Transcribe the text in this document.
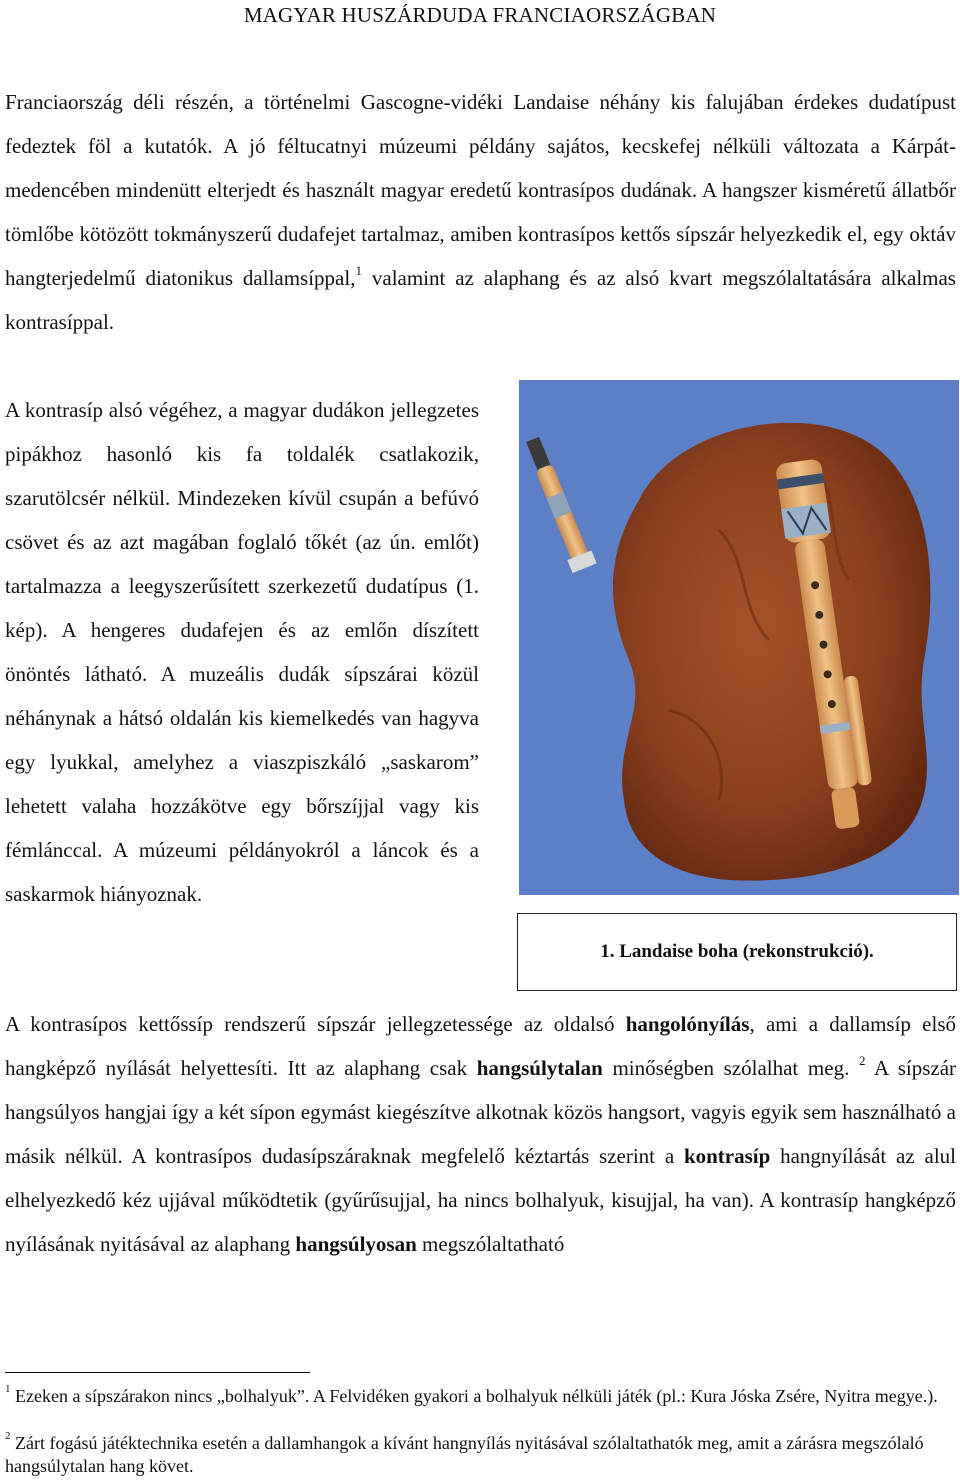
MAGYAR HUSZÁRDUDA FRANCIAORSZÁGBAN

Franciaország déli részén, a történelmi Gascogne-vidéki Landaise néhány kis falujában érdekes dudatípust fedeztek föl a kutatók. A jó féltucatnyi múzeumi példány sajátos, kecskefej nélküli változata a Kárpát-medencében mindenütt elterjedt és használt magyar eredetű kontrasípos dudának. A hangszer kisméretű állatbőr tömlőbe kötözött tokmányszerű dudafejet tartalmaz, amiben kontrasípos kettős sípszár helyezkedik el, egy oktáv hangterjedelmű diatonikus dallamsíppal,$^1$ valamint az alaphang és az alsó kvart megszólaltatására alkalmas kontrasíppal.

A kontrasíp alsó végéhez, a magyar dudákon jellegzetes pipákhoz hasonló kis fa toldalék csatlakozik, szarutölcsér nélkül. Mindezeken kívül csupán a befúvó csövet és az azt magában foglaló tőkét (az ún. emlőt) tartalmazza a leegyszerűsített szerkezetű dudatípus (1. kép). A hengeres dudafejen és az emlőn díszített önöntés látható. A muzeális dudák sípszárai közül néhánynak a hátsó oldalán kis kiemelkedés van hagyva egy lyukkal, amelyhez a viaszpiszkáló „saskarom” lehetett valaha hozzákötve egy bőrszíjjal vagy kis fémlánccal. A múzeumi példányokról a láncok és a saskarmok hiányoznak.

1. Landaise boha (rekonstrukció).

A kontrasípos kettőssíp rendszerű sípszár jellegzetessége az oldalsó hangolónyílás, ami a dallamsíp első hangképző nyílását helyettesíti. Itt az alaphang csak hangsúlytalan minőségben szólalhat meg. $^2$ A sípszár hangsúlyos hangjai így a két sípon egymást kiegészítve alkotnak közös hangsort, vagyis egyik sem használható a másik nélkül. A kontrasípos dudasípszáraknak megfelelő kéztartás szerint a kontrasíp hangnyílását az alul elhelyezkedő kéz ujjával működtetik (gyűrűsujjal, ha nincs bolhalyuk, kisujjal, ha van). A kontrasíp hangképző nyílásának nyitásával az alaphang hangsúlyosan megszólaltatható

$^1$ Ezeken a sípszárakon nincs „bolhalyuk”. A Felvidéken gyakori a bolhalyuk nélküli játék (pl.: Kura Jóska Zsére, Nyitra megye.).

$^2$ Zárt fogású játéktechnika esetén a dallamhangok a kívánt hangnyílás nyitásával szólaltathatók meg, amit a zárásra megszólaló hangsúlytalan hang követ.
